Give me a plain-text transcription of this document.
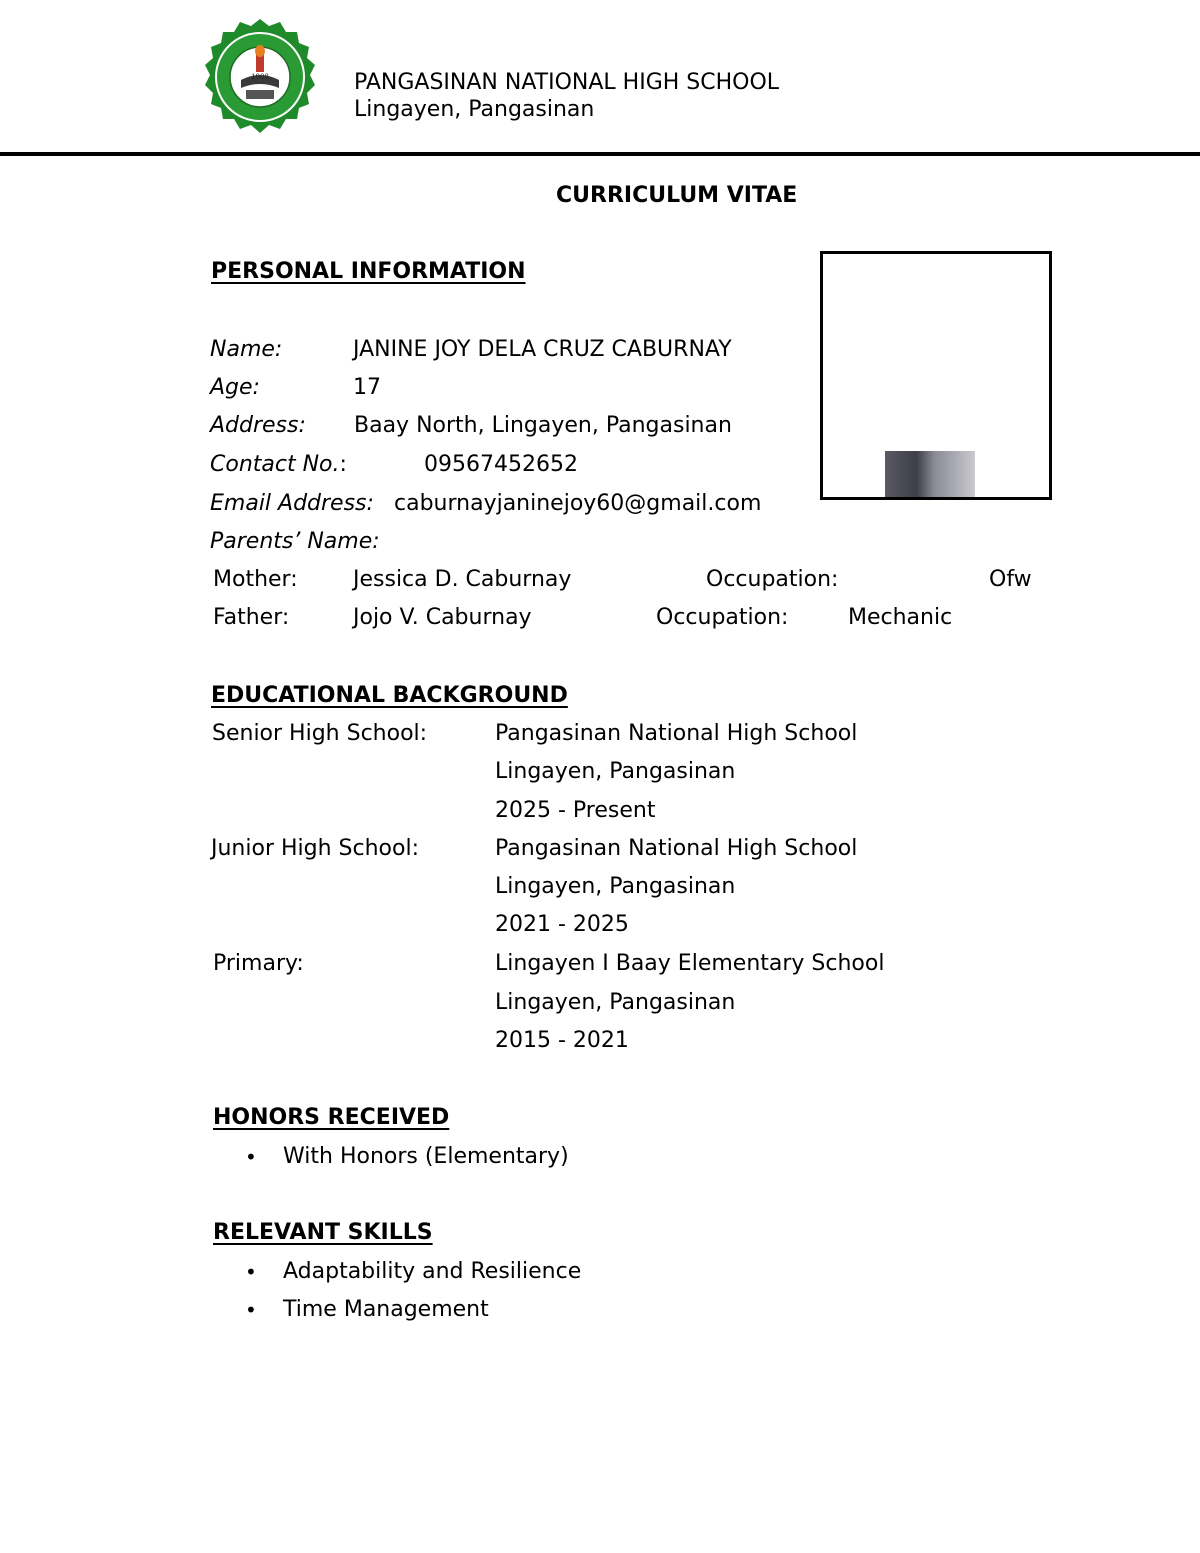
1908	PANGASINAN NATIONAL HIGH SCHOOL
Lingayen, Pangasinan
CURRICULUM VITAE
PERSONAL INFORMATION
Name:	JANINE JOY DELA CRUZ CABURNAY
Age:	17
Address: Baay North, Lingayen, Pangasinan
Contact No.:	09567452652
Email Address: caburnayjaninejoy60@gmail.com
Parents’ Name:
Mother:	Jessica D. Caburnay	Occupation:	Ofw
Father:	Jojo V. Caburnay	Occupation:	Mechanic
EDUCATIONAL BACKGROUND
Senior High School:	Pangasinan National High School
Lingayen, Pangasinan
2025 - Present
Junior High School:	Pangasinan National High School
Lingayen, Pangasinan
2021 - 2025
Primary:	Lingayen I Baay Elementary School
Lingayen, Pangasinan
2015 - 2021
HONORS RECEIVED
• With Honors (Elementary)
RELEVANT SKILLS
• Adaptability and Resilience
• Time Management
